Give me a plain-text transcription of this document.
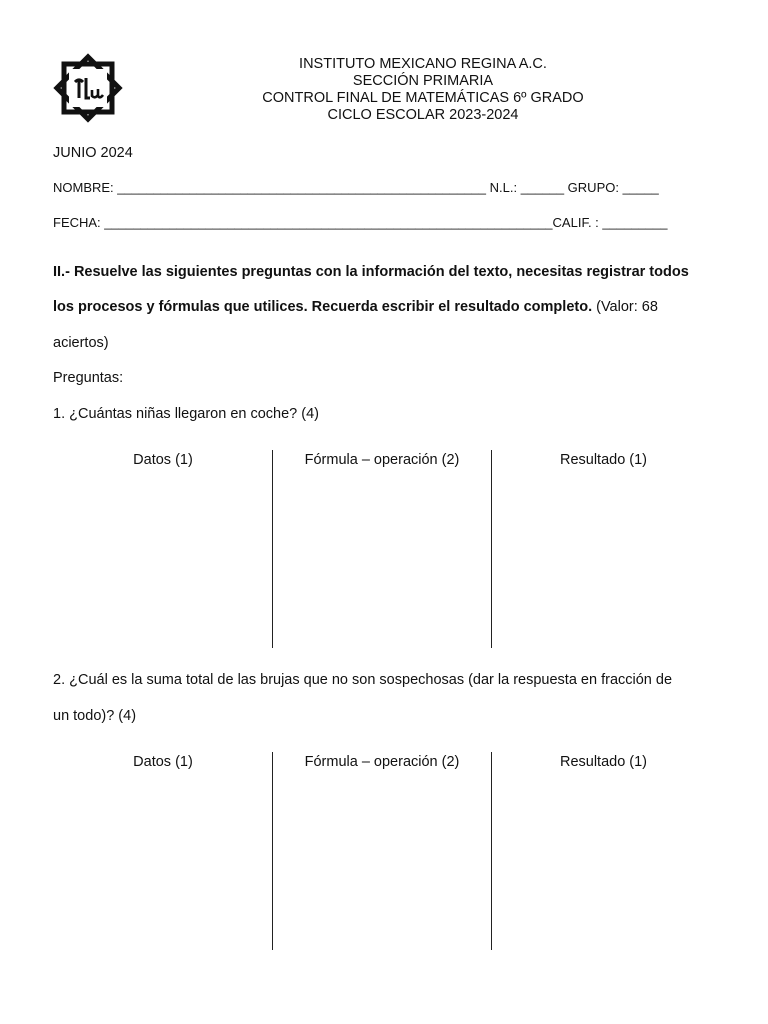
INSTITUTO MEXICANO REGINA A.C.
SECCIÓN PRIMARIA
CONTROL FINAL DE MATEMÁTICAS 6º GRADO
CICLO ESCOLAR 2023-2024
JUNIO 2024
NOMBRE: ___________________________________________________ N.L.: ______ GRUPO: _____
FECHA: ______________________________________________________________CALIF. : _________
II.- Resuelve las siguientes preguntas con la información del texto, necesitas registrar todos
los procesos y fórmulas que utilices. Recuerda escribir el resultado completo. (Valor: 68
aciertos)
Preguntas:
1. ¿Cuántas niñas llegaron en coche? (4)
Datos (1)	Fórmula – operación (2)	Resultado (1)
2. ¿Cuál es la suma total de las brujas que no son sospechosas (dar la respuesta en fracción de
un todo)? (4)
Datos (1)	Fórmula – operación (2)	Resultado (1)
